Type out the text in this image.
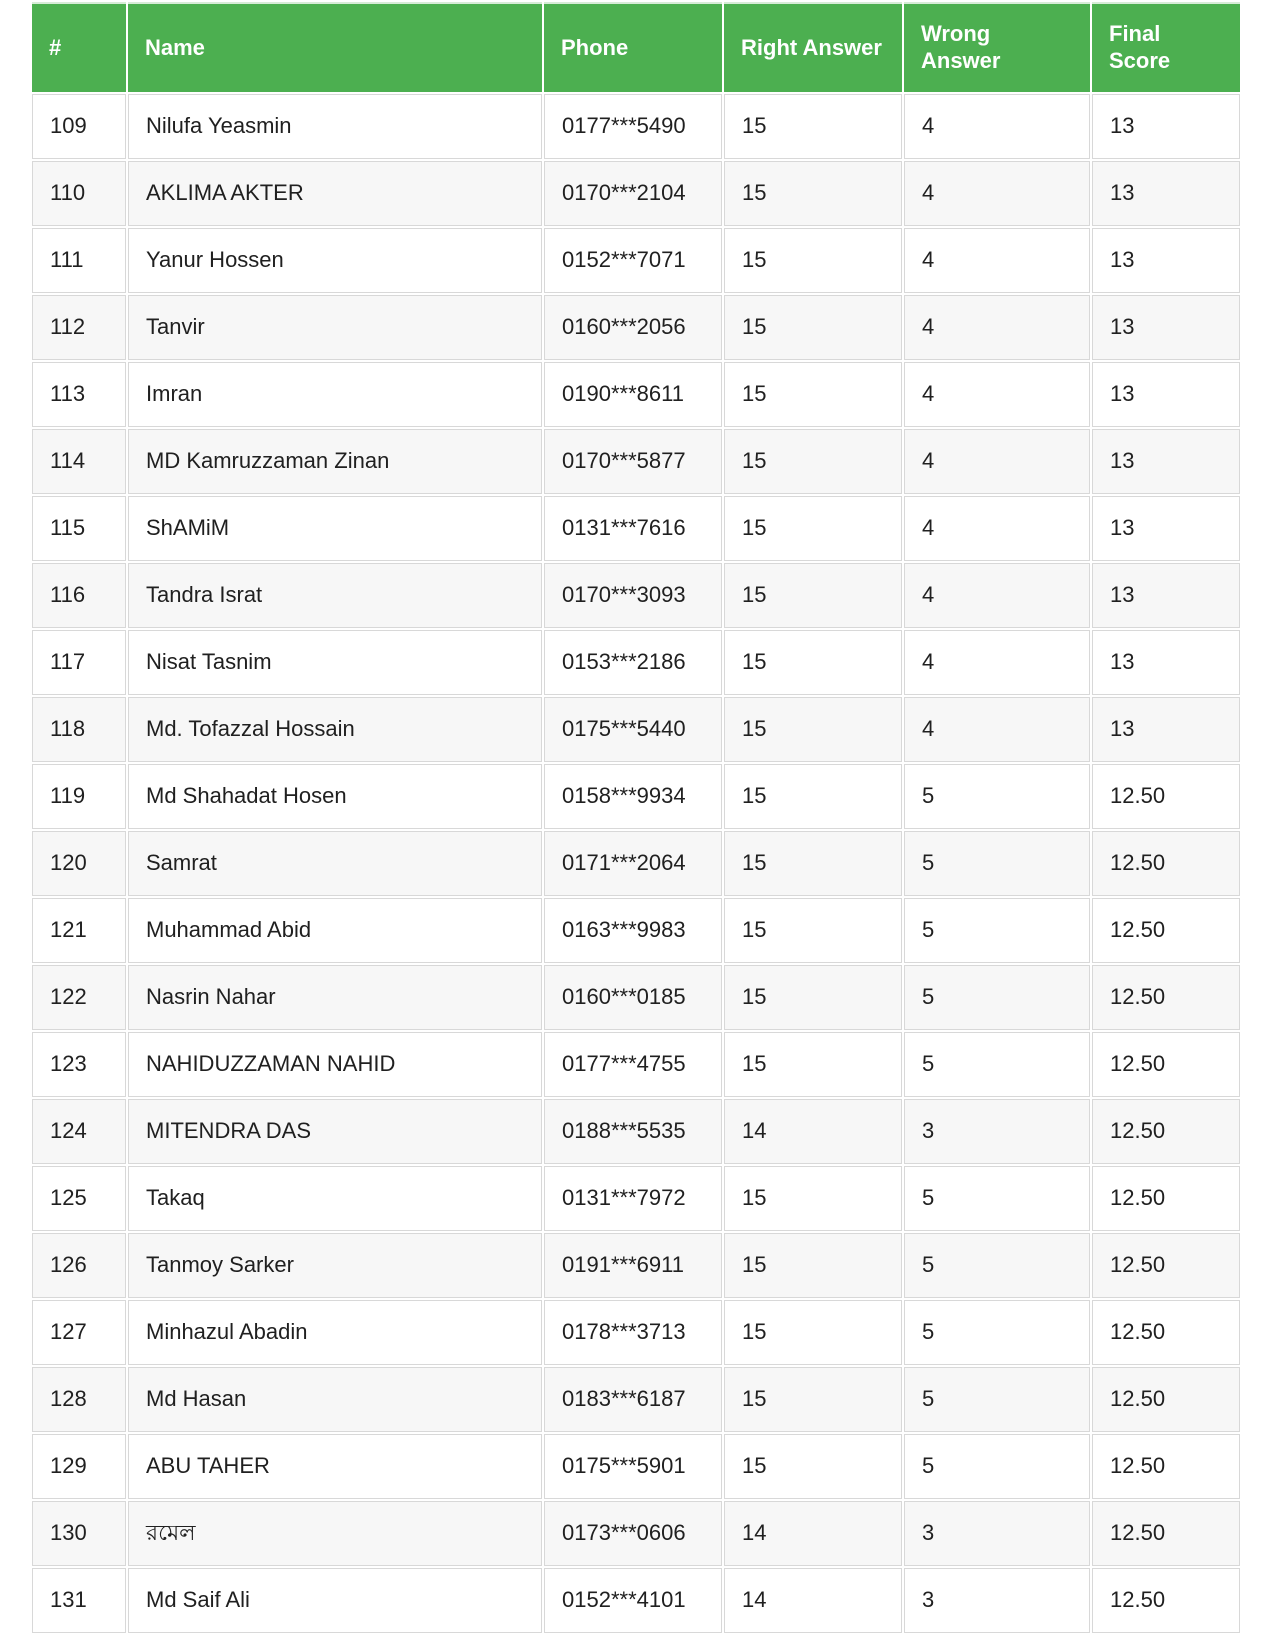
#	Name	Phone	Right Answer	Wrong Answer	Final Score
109	Nilufa Yeasmin	0177***5490	15	4	13
110	AKLIMA AKTER	0170***2104	15	4	13
111	Yanur Hossen	0152***7071	15	4	13
112	Tanvir	0160***2056	15	4	13
113	Imran	0190***8611	15	4	13
114	MD Kamruzzaman Zinan	0170***5877	15	4	13
115	ShAMiM	0131***7616	15	4	13
116	Tandra Israt	0170***3093	15	4	13
117	Nisat Tasnim	0153***2186	15	4	13
118	Md. Tofazzal Hossain	0175***5440	15	4	13
119	Md Shahadat Hosen	0158***9934	15	5	12.50
120	Samrat	0171***2064	15	5	12.50
121	Muhammad Abid	0163***9983	15	5	12.50
122	Nasrin Nahar	0160***0185	15	5	12.50
123	NAHIDUZZAMAN NAHID	0177***4755	15	5	12.50
124	MITENDRA DAS	0188***5535	14	3	12.50
125	Takaq	0131***7972	15	5	12.50
126	Tanmoy Sarker	0191***6911	15	5	12.50
127	Minhazul Abadin	0178***3713	15	5	12.50
128	Md Hasan	0183***6187	15	5	12.50
129	ABU TAHER	0175***5901	15	5	12.50
130	রমেল	0173***0606	14	3	12.50
131	Md Saif Ali	0152***4101	14	3	12.50
